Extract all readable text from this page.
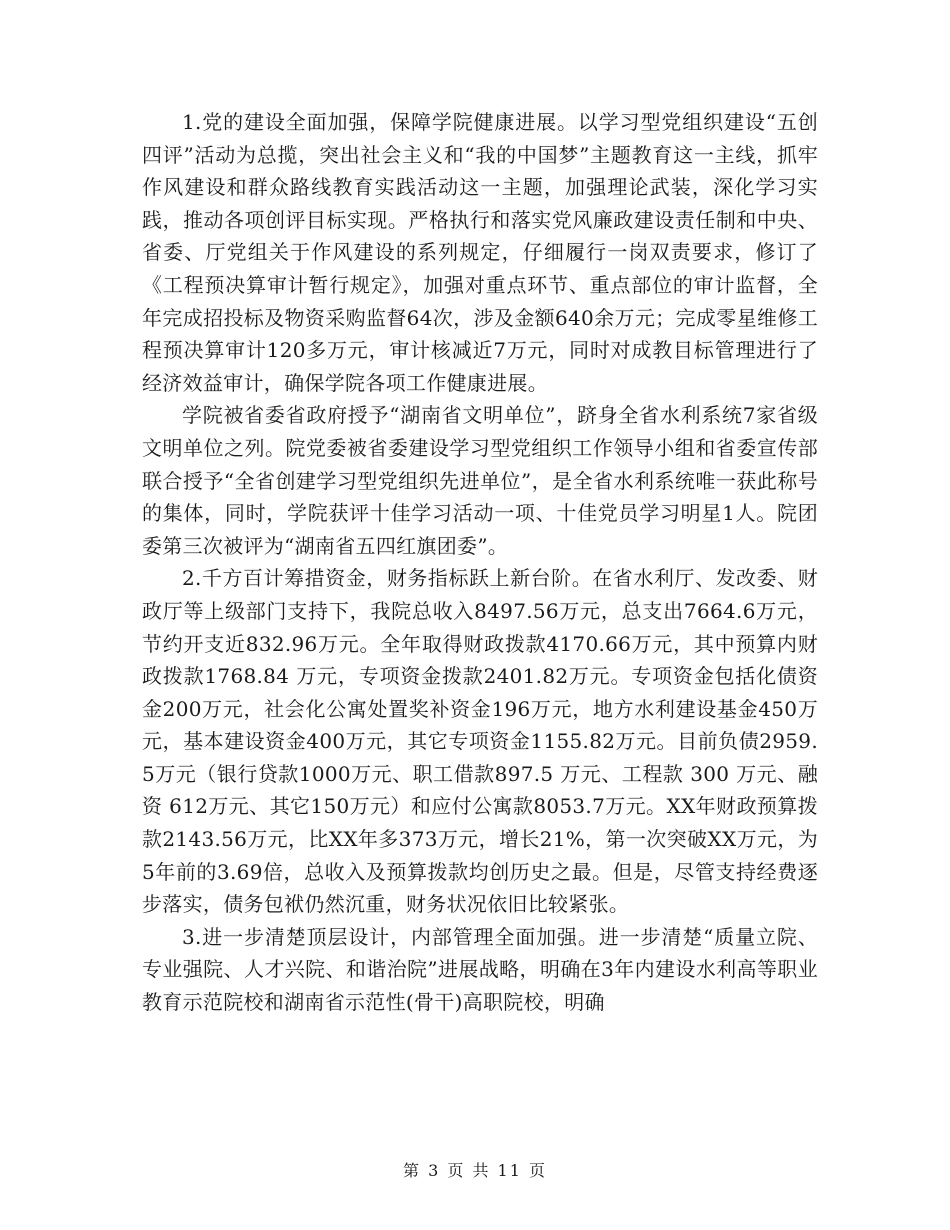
1.党的建设全面加强，保障学院健康进展。以学习型党组织建设“五创四评”活动为总揽，突出社会主义和“我的中国梦”主题教育这一主线，抓牢作风建设和群众路线教育实践活动这一主题，加强理论武装，深化学习实践，推动各项创评目标实现。严格执行和落实党风廉政建设责任制和中央、省委、厅党组关于作风建设的系列规定，仔细履行一岗双责要求，修订了《工程预决算审计暂行规定》，加强对重点环节、重点部位的审计监督，全年完成招投标及物资采购监督64次，涉及金额640余万元；完成零星维修工程预决算审计120多万元，审计核减近7万元，同时对成教目标管理进行了经济效益审计，确保学院各项工作健康进展。

学院被省委省政府授予“湖南省文明单位”，跻身全省水利系统7家省级文明单位之列。院党委被省委建设学习型党组织工作领导小组和省委宣传部联合授予“全省创建学习型党组织先进单位”，是全省水利系统唯一获此称号的集体，同时，学院获评十佳学习活动一项、十佳党员学习明星1人。院团委第三次被评为“湖南省五四红旗团委”。

2.千方百计筹措资金，财务指标跃上新台阶。在省水利厅、发改委、财政厅等上级部门支持下，我院总收入8497.56万元，总支出7664.6万元，节约开支近832.96万元。全年取得财政拨款4170.66万元，其中预算内财政拨款1768.84 万元，专项资金拨款2401.82万元。专项资金包括化债资金200万元，社会化公寓处置奖补资金196万元，地方水利建设基金450万元，基本建设资金400万元，其它专项资金1155.82万元。目前负债2959.5万元（银行贷款1000万元、职工借款897.5 万元、工程款 300 万元、融资 612万元、其它150万元）和应付公寓款8053.7万元。XX年财政预算拨款2143.56万元，比XX年多373万元，增长21%，第一次突破XX万元，为5年前的3.69倍，总收入及预算拨款均创历史之最。但是，尽管支持经费逐步落实，债务包袱仍然沉重，财务状况依旧比较紧张。

3.进一步清楚顶层设计，内部管理全面加强。进一步清楚“质量立院、专业强院、人才兴院、和谐治院”进展战略，明确在3年内建设水利高等职业教育示范院校和湖南省示范性(骨干)高职院校，明确

第 3 页 共 11 页
